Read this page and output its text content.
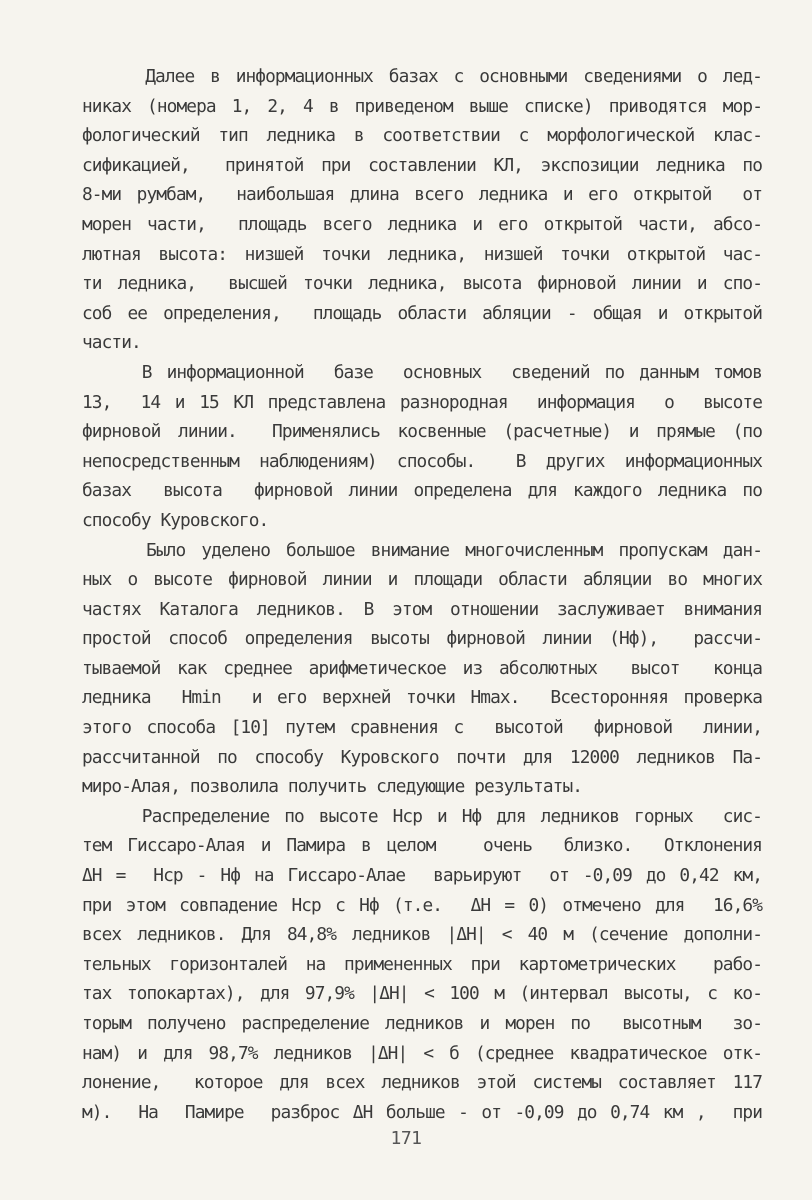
Далее в информационных базах с основными сведениями о лед-
никах (номера 1, 2, 4 в приведеном выше списке) приводятся мор-
фологический тип ледника в соответствии с морфологической клас-
сификацией,  принятой при составлении КЛ, экспозиции ледника по
8-ми румбам,  наибольшая длина всего ледника и его открытой  от
морен части,  площадь всего ледника и его открытой части, абсо-
лютная высота: низшей точки ледника, низшей точки открытой час-
ти ледника,  высшей точки ледника, высота фирновой линии и спо-
соб ее определения,  площадь области абляции - общая и открытой
части.
В информационной  базе  основных  сведений по данным томов
13,  14 и 15 КЛ представлена разнородная  информация  о  высоте
фирновой линии.  Применялись косвенные (расчетные) и прямые (по
непосредственным наблюдениям) способы.  В других информационных
базах  высота  фирновой линии определена для каждого ледника по
способу Куровского.
Было уделено большое внимание многочисленным пропускам дан-
ных о высоте фирновой линии и площади области абляции во многих
частях Каталога ледников. В этом отношении заслуживает внимания
простой способ определения высоты фирновой линии (Нф),  рассчи-
тываемой как среднее арифметическое из абсолютных  высот  конца
ледника  Нmin  и его верхней точки Нmax.  Всесторонняя проверка
этого способа [10] путем сравнения с  высотой  фирновой  линии,
рассчитанной по способу Куровского почти для 12000 ледников Па-
миро-Алая, позволила получить следующие результаты.
Распределение по высоте Нср и Нф для ледников горных  сис-
тем Гиссаро-Алая и Памира в целом   очень  близко.  Отклонения
ΔН =  Нср - Нф на Гиссаро-Алае  варьируют  от -0,09 до 0,42 км,
при этом совпадение Нср с Нф (т.е.  ΔН = 0) отмечено для  16,6%
всех ледников. Для 84,8% ледников |ΔН| < 40 м (сечение дополни-
тельных горизонталей на примененных при картометрических  рабо-
тах топокартах), для 97,9% |ΔН| < 100 м (интервал высоты, с ко-
торым получено распределение ледников и морен по  высотным  зо-
нам) и для 98,7% ледников |ΔН| < б (среднее квадратическое отк-
лонение,  которое для всех ледников этой системы составляет 117
м).  На  Памире  разброс ΔН больше - от -0,09 до 0,74 км ,  при
171
